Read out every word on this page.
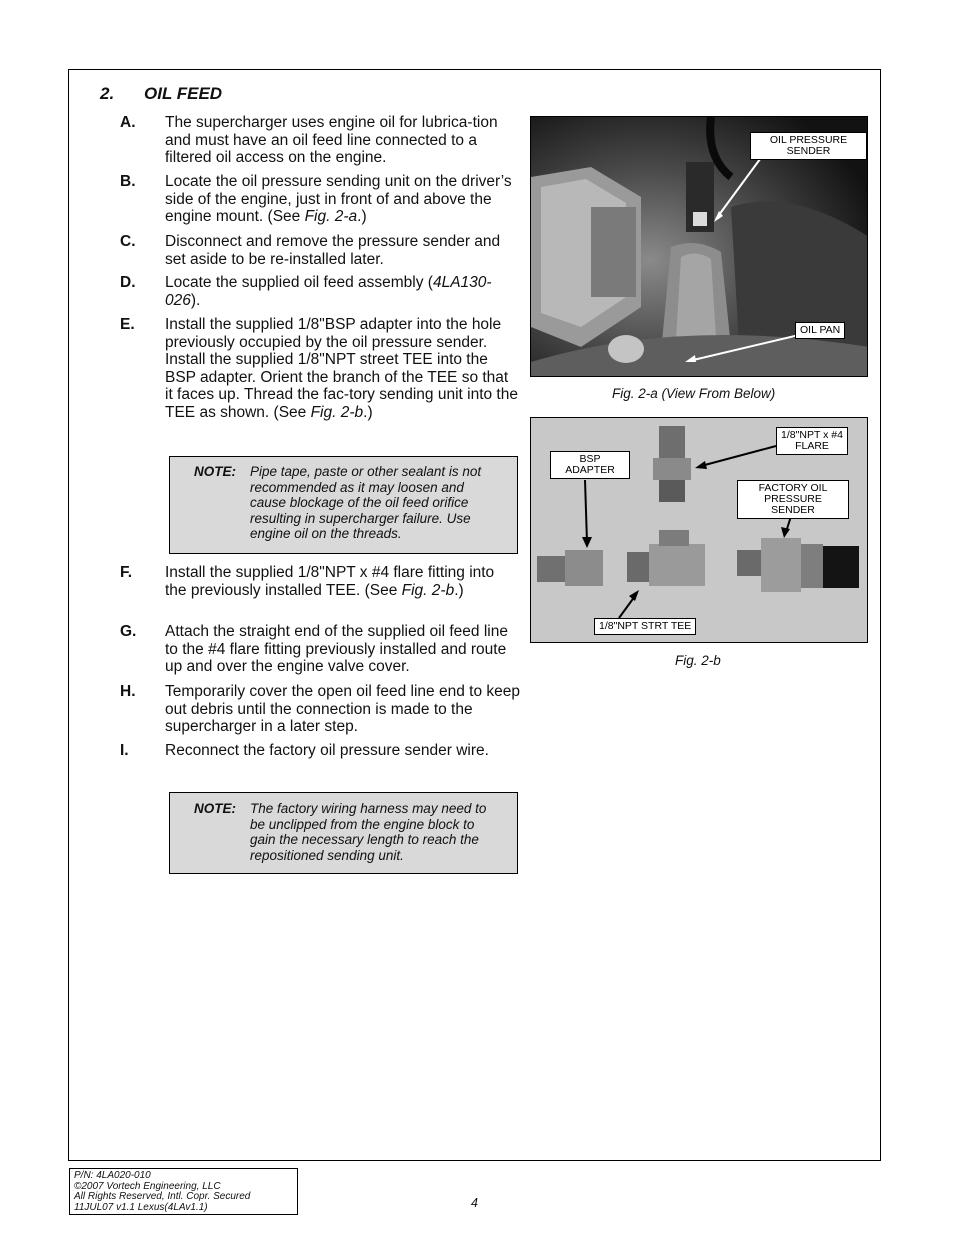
2. OIL FEED
A. The supercharger uses engine oil for lubrica-tion and must have an oil feed line connected to a filtered oil access on the engine.
B. Locate the oil pressure sending unit on the driver’s side of the engine, just in front of and above the engine mount. (See Fig. 2-a.)
C. Disconnect and remove the pressure sender and set aside to be re-installed later.
D. Locate the supplied oil feed assembly (4LA130-026).
E. Install the supplied 1/8"BSP adapter into the hole previously occupied by the oil pressure sender. Install the supplied 1/8"NPT street TEE into the BSP adapter. Orient the branch of the TEE so that it faces up. Thread the fac-tory sending unit into the TEE as shown. (See Fig. 2-b.)
NOTE: Pipe tape, paste or other sealant is not recommended as it may loosen and cause blockage of the oil feed orifice resulting in supercharger failure. Use engine oil on the threads.
F. Install the supplied 1/8"NPT x #4 flare fitting into the previously installed TEE. (See Fig. 2-b.)
G. Attach the straight end of the supplied oil feed line to the #4 flare fitting previously installed and route up and over the engine valve cover.
H. Temporarily cover the open oil feed line end to keep out debris until the connection is made to the supercharger in a later step.
I. Reconnect the factory oil pressure sender wire.
NOTE: The factory wiring harness may need to be unclipped from the engine block to gain the necessary length to reach the repositioned sending unit.
OIL PRESSURE SENDER
OIL PAN
Fig. 2-a (View From Below)
BSP ADAPTER
1/8"NPT x #4 FLARE
FACTORY OIL PRESSURE SENDER
1/8"NPT STRT TEE
Fig. 2-b
P/N: 4LA020-010
©2007 Vortech Engineering, LLC
All Rights Reserved, Intl. Copr. Secured
11JUL07 v1.1 Lexus(4LAv1.1)	4
